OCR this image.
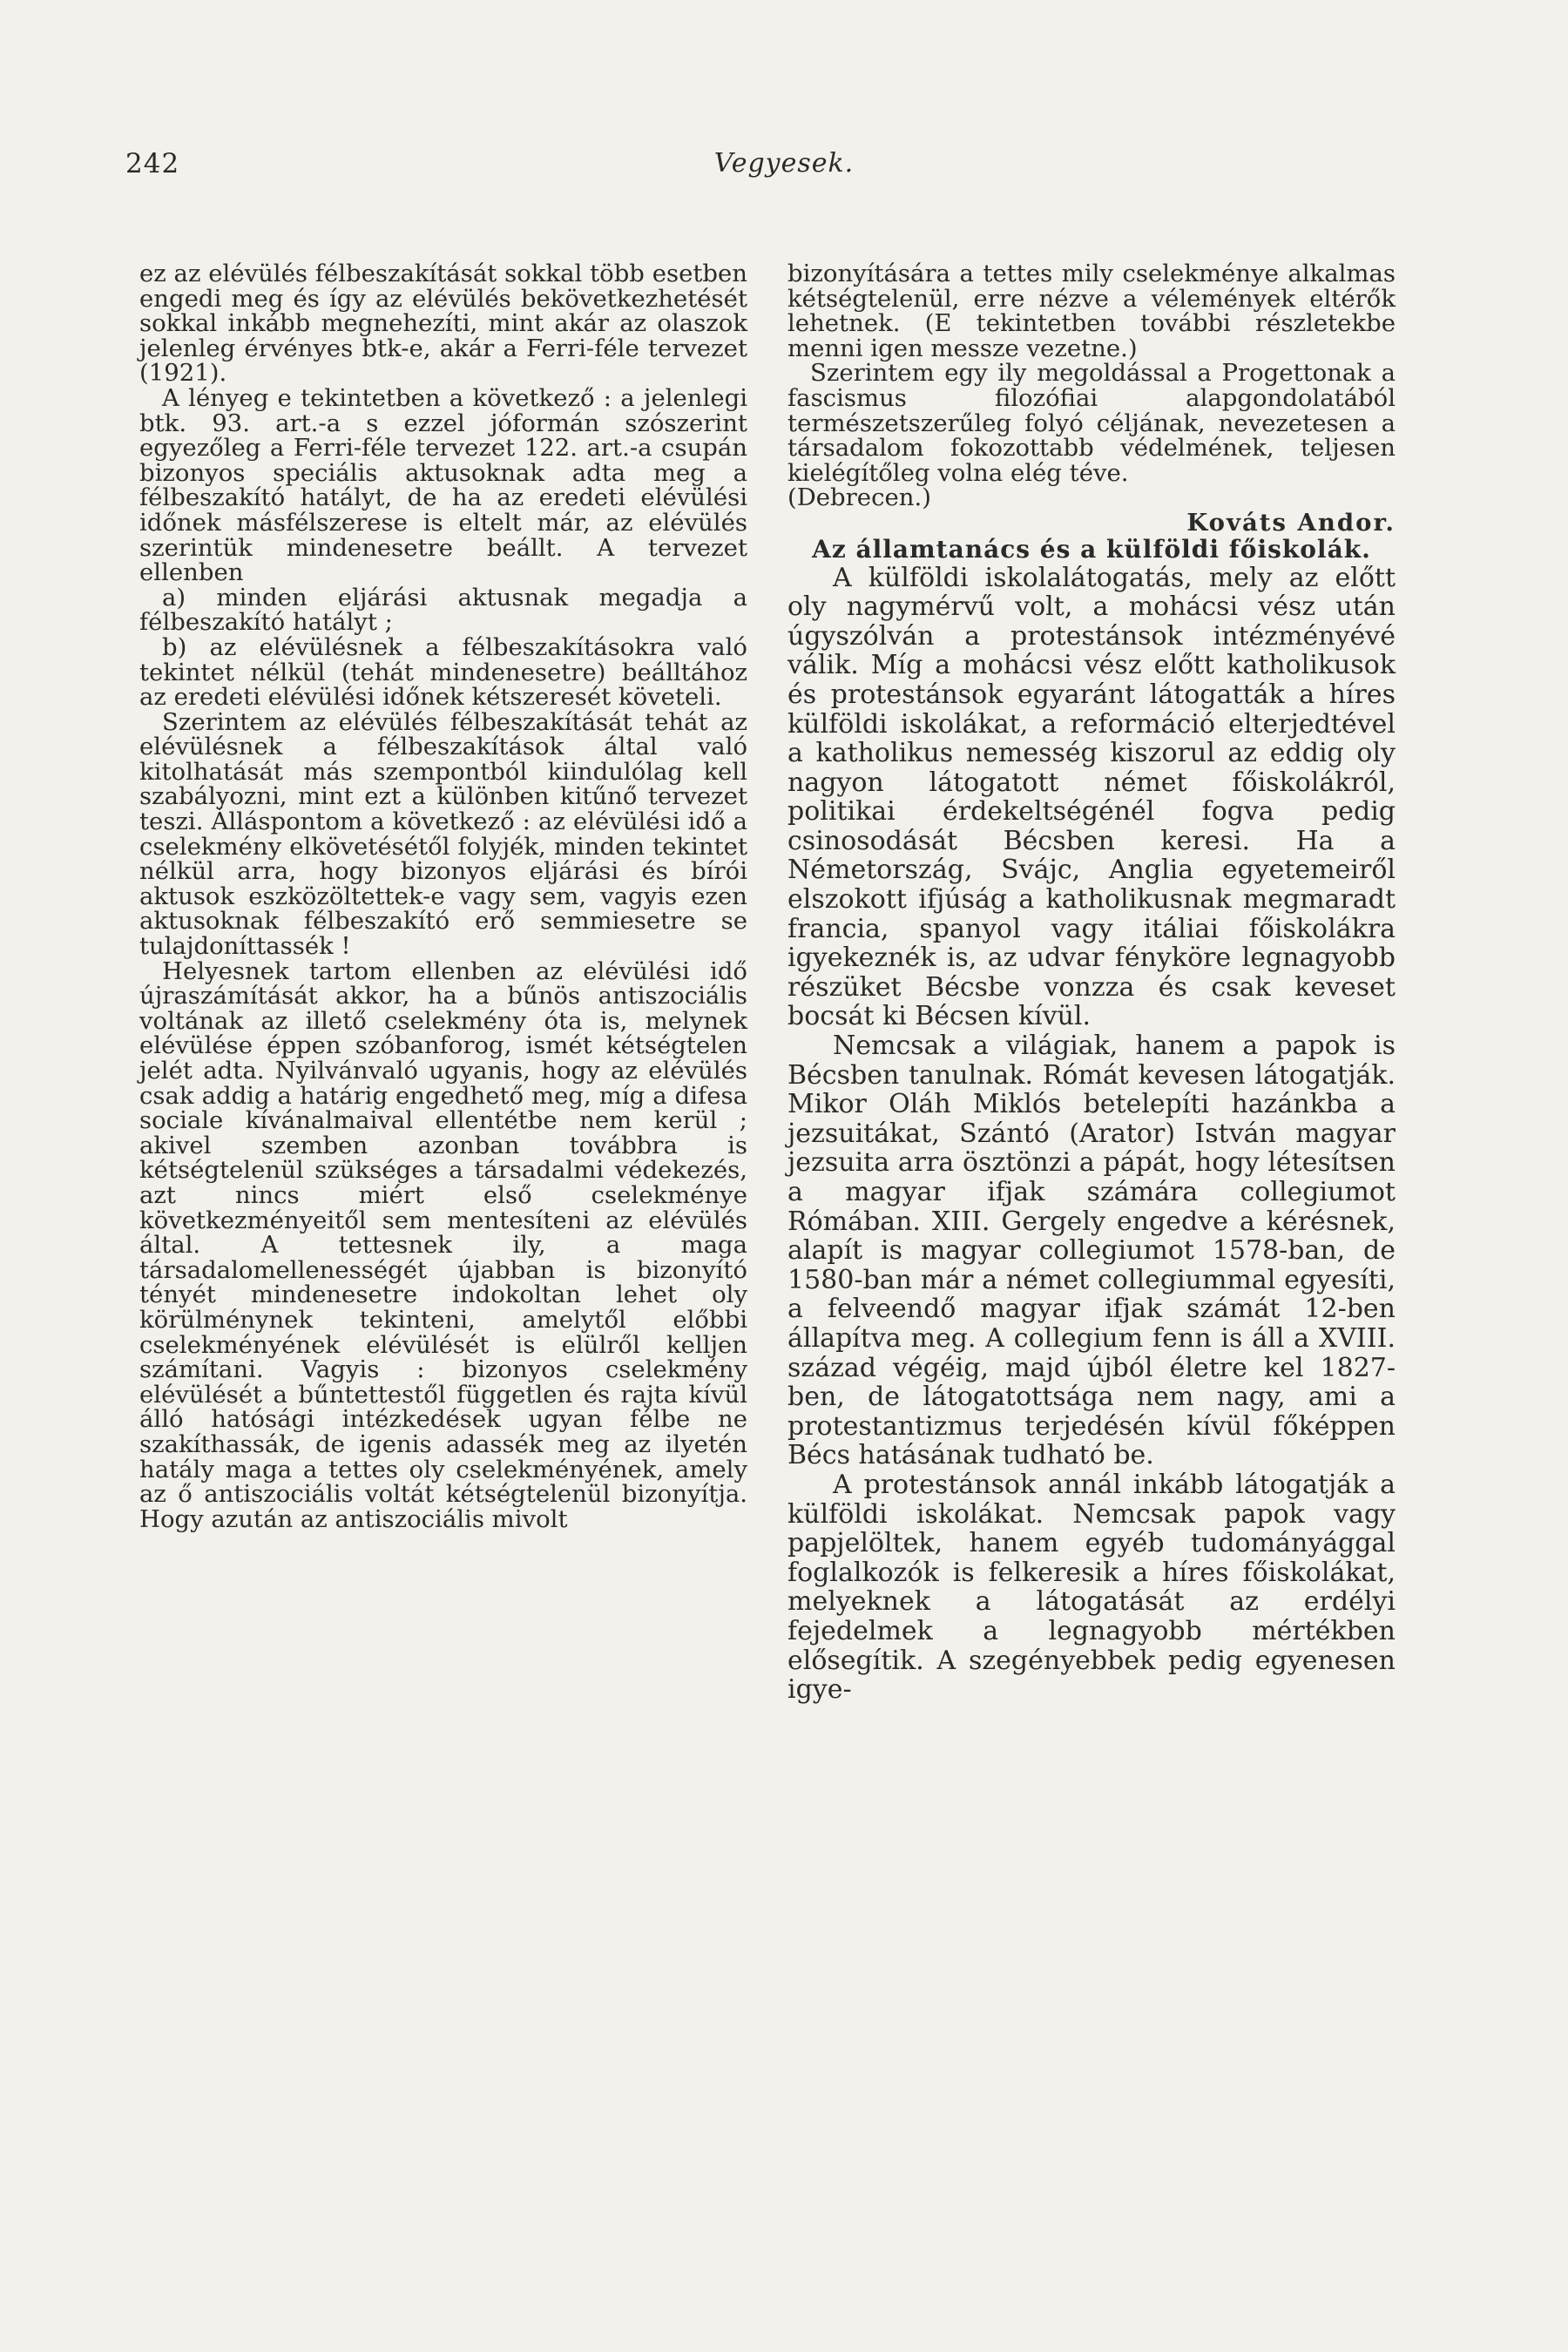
242	Vegyesek.

ez az elévülés félbeszakítását sokkal több esetben engedi meg és így az elévülés bekövetkezhetését sokkal inkább megnehezíti, mint akár az olaszok jelenleg érvényes btk-e, akár a Ferri-féle tervezet (1921).

A lényeg e tekintetben a következő : a jelenlegi btk. 93. art.-a s ezzel jóformán szószerint egyezőleg a Ferri-féle tervezet 122. art.-a csupán bizonyos speciális aktusoknak adta meg a félbeszakító hatályt, de ha az eredeti elévülési időnek másfélszerese is eltelt már, az elévülés szerintük mindenesetre beállt. A tervezet ellenben

a) minden eljárási aktusnak megadja a félbeszakító hatályt ;

b) az elévülésnek a félbeszakításokra való tekintet nélkül (tehát mindenesetre) beálltához az eredeti elévülési időnek kétszeresét követeli.

Szerintem az elévülés félbeszakítását tehát az elévülésnek a félbeszakítások által való kitolhatását más szempontból kiindulólag kell szabályozni, mint ezt a különben kitűnő tervezet teszi. Álláspontom a következő : az elévülési idő a cselekmény elkövetésétől folyjék, minden tekintet nélkül arra, hogy bizonyos eljárási és bírói aktusok eszközöltettek-e vagy sem, vagyis ezen aktusoknak félbeszakító erő semmiesetre se tulajdoníttassék !

Helyesnek tartom ellenben az elévülési idő újraszámítását akkor, ha a bűnös antiszociális voltának az illető cselekmény óta is, melynek elévülése éppen szóbanforog, ismét kétségtelen jelét adta. Nyilvánvaló ugyanis, hogy az elévülés csak addig a határig engedhető meg, míg a difesa sociale kívánalmaival ellentétbe nem kerül ; akivel szemben azonban továbbra is kétségtelenül szükséges a társadalmi védekezés, azt nincs miért első cselekménye következményeitől sem mentesíteni az elévülés által. A tettesnek ily, a maga társadalomellenességét újabban is bizonyító tényét mindenesetre indokoltan lehet oly körülménynek tekinteni, amelytől előbbi cselekményének elévülését is elülről kelljen számítani. Vagyis : bizonyos cselekmény elévülését a bűntettestől független és rajta kívül álló hatósági intézkedések ugyan félbe ne szakíthassák, de igenis adassék meg az ilyetén hatály maga a tettes oly cselekményének, amely az ő antiszociális voltát kétségtelenül bizonyítja. Hogy azután az antiszociális mivolt

bizonyítására a tettes mily cselekménye alkalmas kétségtelenül, erre nézve a vélemények eltérők lehetnek. (E tekintetben további részletekbe menni igen messze vezetne.)

Szerintem egy ily megoldással a Progettonak a fascismus filozófiai alapgondolatából természetszerűleg folyó céljának, nevezetesen a társadalom fokozottabb védelmének, teljesen kielégítőleg volna elég téve.

(Debrecen.)

Kováts Andor.

Az államtanács és a külföldi főiskolák.

A külföldi iskolalátogatás, mely az előtt oly nagymérvű volt, a mohácsi vész után úgyszólván a protestánsok intézményévé válik. Míg a mohácsi vész előtt katholikusok és protestánsok egyaránt látogatták a híres külföldi iskolákat, a reformáció elterjedtével a katholikus nemesség kiszorul az eddig oly nagyon látogatott német főiskolákról, politikai érdekeltségénél fogva pedig csinosodását Bécsben keresi. Ha a Németország, Svájc, Anglia egyetemeiről elszokott ifjúság a katholikusnak megmaradt francia, spanyol vagy itáliai főiskolákra igyekeznék is, az udvar fényköre legnagyobb részüket Bécsbe vonzza és csak keveset bocsát ki Bécsen kívül.

Nemcsak a világiak, hanem a papok is Bécsben tanulnak. Rómát kevesen látogatják. Mikor Oláh Miklós betelepíti hazánkba a jezsuitákat, Szántó (Arator) István magyar jezsuita arra ösztönzi a pápát, hogy létesítsen a magyar ifjak számára collegiumot Rómában. XIII. Gergely engedve a kérésnek, alapít is magyar collegiumot 1578-ban, de 1580-ban már a német collegiummal egyesíti, a felveendő magyar ifjak számát 12-ben állapítva meg. A collegium fenn is áll a XVIII. század végéig, majd újból életre kel 1827-ben, de látogatottsága nem nagy, ami a protestantizmus terjedésén kívül főképpen Bécs hatásának tudható be.

A protestánsok annál inkább látogatják a külföldi iskolákat. Nemcsak papok vagy papjelöltek, hanem egyéb tudományággal foglalkozók is felkeresik a híres főiskolákat, melyeknek a látogatását az erdélyi fejedelmek a legnagyobb mértékben elősegítik. A szegényebbek pedig egyenesen igye-
